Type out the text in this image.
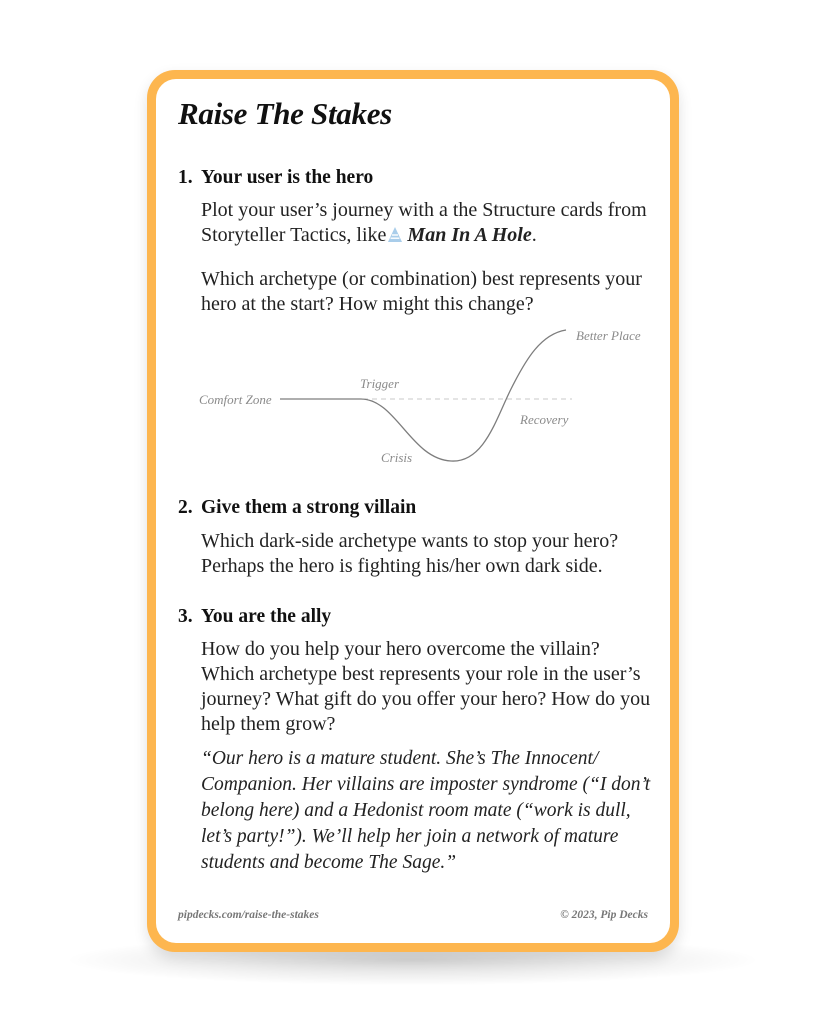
Raise The Stakes
1. Your user is the hero

Plot your user’s journey with a the Structure cards from Storyteller Tactics, like Man In A Hole.

Which archetype (or combination) best represents your hero at the start? How might this change?

Comfort Zone
Trigger
Crisis
Recovery
Better Place
2. Give them a strong villain

Which dark-side archetype wants to stop your hero? Perhaps the hero is fighting his/her own dark side.

3. You are the ally

How do you help your hero overcome the villain? Which archetype best represents your role in the user’s journey? What gift do you offer your hero? How do you help them grow?

“Our hero is a mature student. She’s The Innocent/ Companion. Her villains are imposter syndrome (“I don’t belong here) and a Hedonist room mate (“work is dull, let’s party!”). We’ll help her join a network of mature students and become The Sage.”

pipdecks.com/raise-the-stakes	© 2023, Pip Decks
